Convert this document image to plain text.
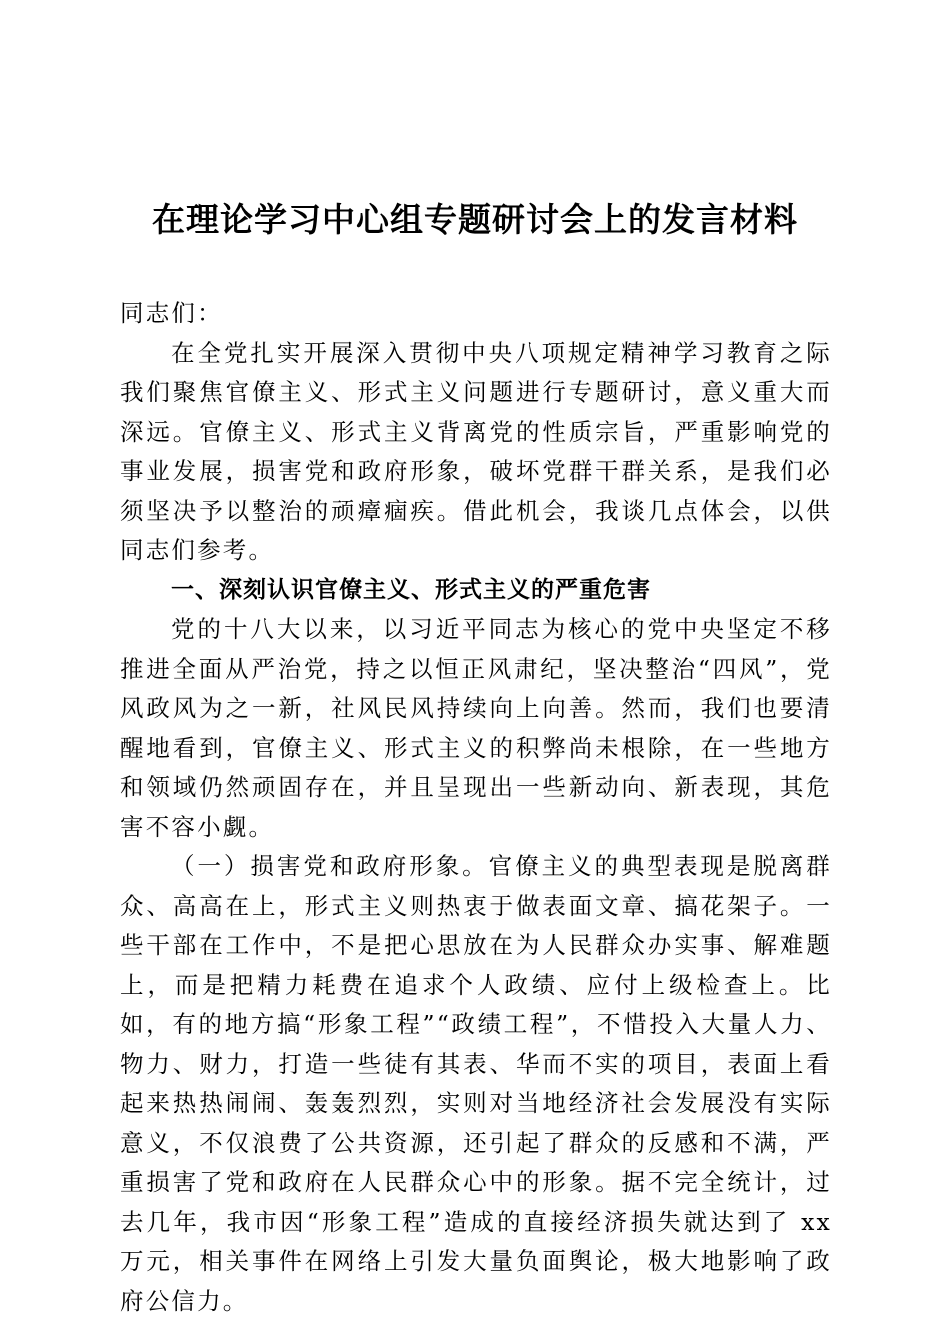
在理论学习中心组专题研讨会上的发言材料

同志们：

在全党扎实开展深入贯彻中央八项规定精神学习教育之际我们聚焦官僚主义、形式主义问题进行专题研讨，意义重大而深远。官僚主义、形式主义背离党的性质宗旨，严重影响党的事业发展，损害党和政府形象，破坏党群干群关系，是我们必须坚决予以整治的顽瘴痼疾。借此机会，我谈几点体会，以供同志们参考。

一、深刻认识官僚主义、形式主义的严重危害

党的十八大以来，以习近平同志为核心的党中央坚定不移推进全面从严治党，持之以恒正风肃纪，坚决整治“四风”，党风政风为之一新，社风民风持续向上向善。然而，我们也要清醒地看到，官僚主义、形式主义的积弊尚未根除，在一些地方和领域仍然顽固存在，并且呈现出一些新动向、新表现，其危害不容小觑。

（一）损害党和政府形象。官僚主义的典型表现是脱离群众、高高在上，形式主义则热衷于做表面文章、搞花架子。一些干部在工作中，不是把心思放在为人民群众办实事、解难题上，而是把精力耗费在追求个人政绩、应付上级检查上。比如，有的地方搞“形象工程”“政绩工程”，不惜投入大量人力、物力、财力，打造一些徒有其表、华而不实的项目，表面上看起来热热闹闹、轰轰烈烈，实则对当地经济社会发展没有实际意义，不仅浪费了公共资源，还引起了群众的反感和不满，严重损害了党和政府在人民群众心中的形象。据不完全统计，过去几年，我市因“形象工程”造成的直接经济损失就达到了 xx 万元，相关事件在网络上引发大量负面舆论，极大地影响了政府公信力。
